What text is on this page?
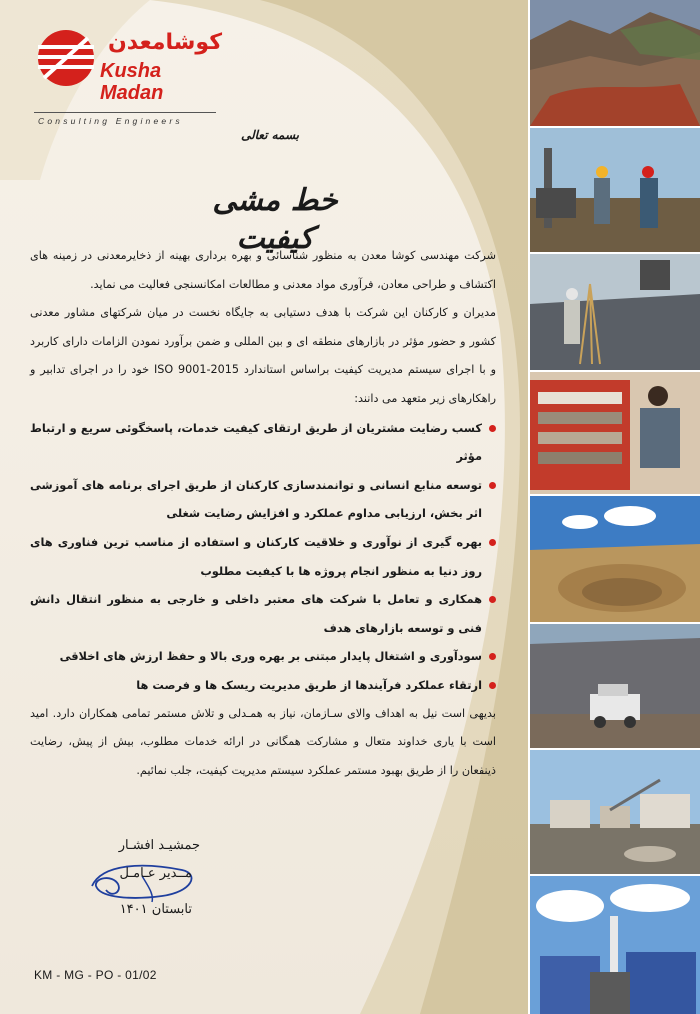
کوشامعدن
Kusha Madan
Consulting Engineers
بسمه تعالی
خط مشی کیفیت

شرکت مهندسی کوشا معدن به منظور شناسائی و بهره برداری بهینه از ذخایرمعدنی در زمینه های اکتشاف و طراحی معادن، فرآوری مواد معدنی و مطالعات امکانسنجی فعالیت می نماید.

مدیران و کارکنان این شرکت با هدف دستیابی به جایگاه نخست در میان شرکتهای مشاور معدنی کشور و حضور مؤثر در بازارهای منطقه ای و بین المللی و ضمن برآورد نمودن الزامات دارای کاربرد و با اجرای سیستم مدیریت کیفیت براساس استاندارد ISO 9001-2015 خود را در اجرای تدابیر و راهکارهای زیر متعهد می دانند:

کسب رضایت مشتریان از طریق ارتقای کیفیت خدمات، پاسخگوئی سریع و ارتباط مؤثر
توسعه منابع انسانی و توانمندسازی کارکنان از طریق اجرای برنامه های آموزشی اثر بخش، ارزیابی مداوم عملکرد و افزایش رضایت شغلی
بهره گیری از نوآوری و خلاقیت کارکنان و استفاده از مناسب ترین فناوری های روز دنیا به منظور انجام پروژه ها با کیفیت مطلوب
همکاری و تعامل با شرکت های معتبر داخلی و خارجی به منظور انتقال دانش فنی و توسعه بازارهای هدف
سودآوری و اشتغال پایدار مبتنی بر بهره وری بالا و حفظ ارزش های اخلاقی
ارتقاء عملکرد فرآیندها از طریق مدیریت ریسک ها و فرصت ها

بدیهی است نیل به اهداف والای سـازمان، نیاز به همـدلی و تلاش مستمر تمامی همکاران دارد. امید است با یاری خداوند متعال و مشارکت همگانی در ارائه خدمات مطلوب، بیش از پیش، رضایت ذینفعان را از طریق بهبود مستمر عملکرد سیستم مدیریت کیفیت، جلب نمائیم.

جمشیـد افشـار
مــدیر عـامـل
تابستان ۱۴۰۱
KM - MG - PO - 01/02
